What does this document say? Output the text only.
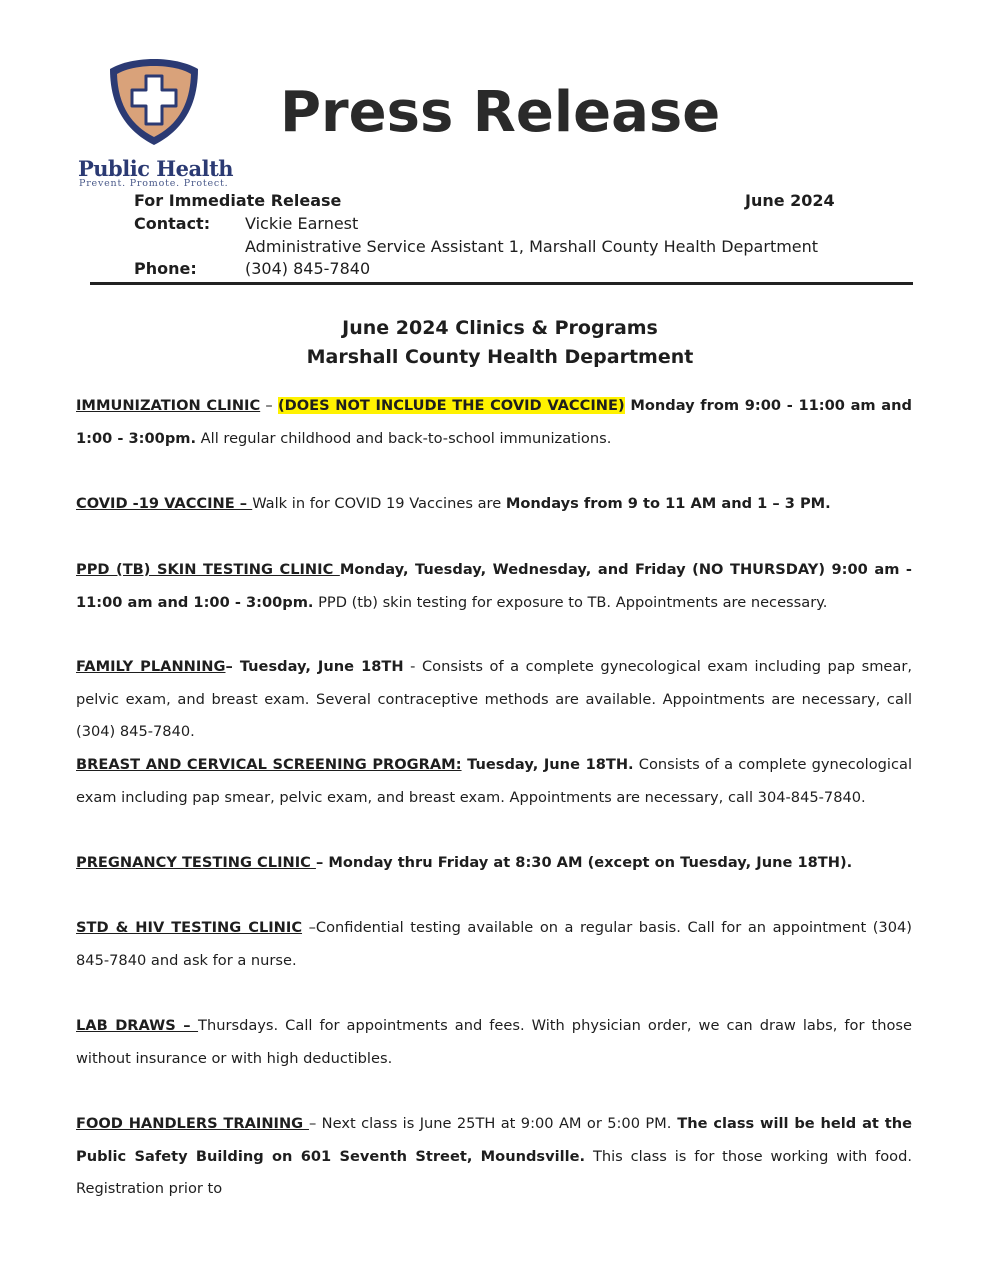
Public Health
Prevent. Promote. Protect.
Press Release
For Immediate Release	June 2024
Contact: Vickie Earnest
Administrative Service Assistant 1, Marshall County Health Department
Phone:	(304) 845-7840
June 2024 Clinics & Programs
Marshall County Health Department
IMMUNIZATION CLINIC – (DOES NOT INCLUDE THE COVID VACCINE) Monday from 9:00 - 11:00 am and 1:00 - 3:00pm. All regular childhood and back-to-school immunizations.
COVID -19 VACCINE – Walk in for COVID 19 Vaccines are Mondays from 9 to 11 AM and 1 – 3 PM.
PPD (TB) SKIN TESTING CLINIC Monday, Tuesday, Wednesday, and Friday (NO THURSDAY) 9:00 am - 11:00 am and 1:00 - 3:00pm. PPD (tb) skin testing for exposure to TB. Appointments are necessary.
FAMILY PLANNING– Tuesday, June 18TH - Consists of a complete gynecological exam including pap smear, pelvic exam, and breast exam. Several contraceptive methods are available. Appointments are necessary, call (304) 845-7840.
BREAST AND CERVICAL SCREENING PROGRAM: Tuesday, June 18TH. Consists of a complete gynecological exam including pap smear, pelvic exam, and breast exam. Appointments are necessary, call 304-845-7840.
PREGNANCY TESTING CLINIC – Monday thru Friday at 8:30 AM (except on Tuesday, June 18TH).
STD & HIV TESTING CLINIC –Confidential testing available on a regular basis. Call for an appointment (304) 845-7840 and ask for a nurse.
LAB DRAWS – Thursdays. Call for appointments and fees. With physician order, we can draw labs, for those without insurance or with high deductibles.
FOOD HANDLERS TRAINING – Next class is June 25TH at 9:00 AM or 5:00 PM. The class will be held at the Public Safety Building on 601 Seventh Street, Moundsville. This class is for those working with food. Registration prior to
